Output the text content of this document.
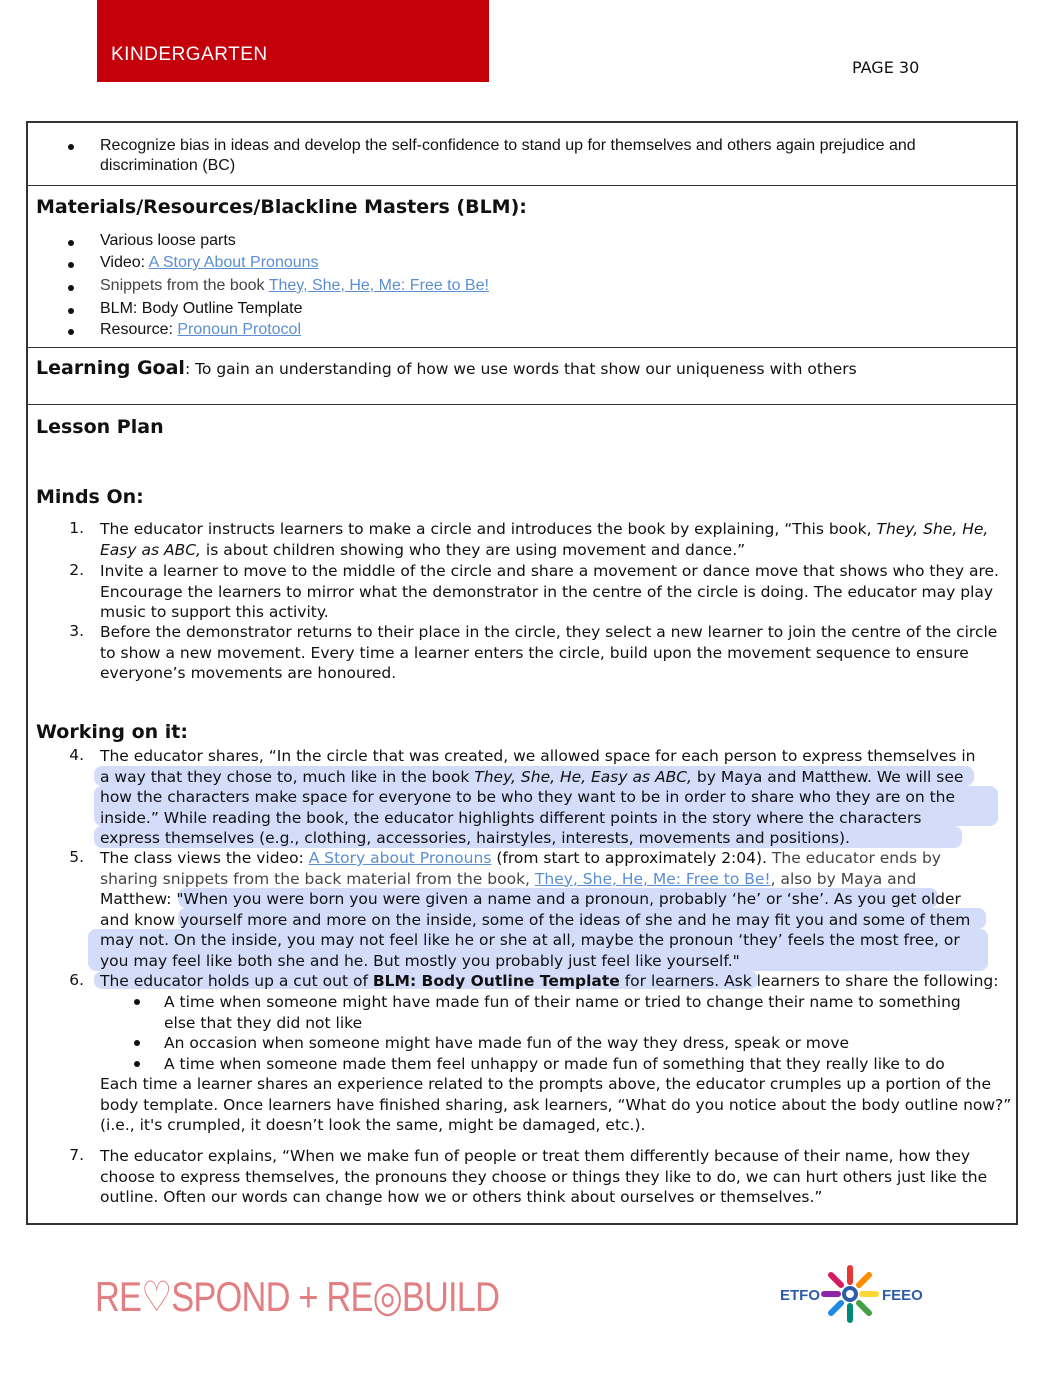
KINDERGARTEN
PAGE 30
Recognize bias in ideas and develop the self-confidence to stand up for themselves and others again prejudice and discrimination (BC)
Materials/Resources/Blackline Masters (BLM):
Various loose parts
Video: A Story About Pronouns
Snippets from the book They, She, He, Me: Free to Be!
BLM: Body Outline Template
Resource: Pronoun Protocol
Learning Goal: To gain an understanding of how we use words that show our uniqueness with others
Lesson Plan
Minds On:
1. The educator instructs learners to make a circle and introduces the book by explaining, “This book, They, She, He, Easy as ABC, is about children showing who they are using movement and dance.”
2. Invite a learner to move to the middle of the circle and share a movement or dance move that shows who they are. Encourage the learners to mirror what the demonstrator in the centre of the circle is doing. The educator may play music to support this activity.
3. Before the demonstrator returns to their place in the circle, they select a new learner to join the centre of the circle to show a new movement. Every time a learner enters the circle, build upon the movement sequence to ensure everyone’s movements are honoured.
Working on it:
4. The educator shares, “In the circle that was created, we allowed space for each person to express themselves in
a way that they chose to, much like in the book They, She, He, Easy as ABC, by Maya and Matthew. We will see
how the characters make space for everyone to be who they want to be in order to share who they are on the
inside.” While reading the book, the educator highlights different points in the story where the characters
express themselves (e.g., clothing, accessories, hairstyles, interests, movements and positions).
5. The class views the video: A Story about Pronouns (from start to approximately 2:04). The educator ends by
sharing snippets from the back material from the book, They, She, He, Me: Free to Be!, also by Maya and
Matthew: "When you were born you were given a name and a pronoun, probably ‘he’ or ‘she’. As you get older
and know yourself more and more on the inside, some of the ideas of she and he may fit you and some of them
may not. On the inside, you may not feel like he or she at all, maybe the pronoun ‘they’ feels the most free, or
you may feel like both she and he. But mostly you probably just feel like yourself."
6. The educator holds up a cut out of BLM: Body Outline Template for learners. Ask learners to share the following:
A time when someone might have made fun of their name or tried to change their name to something else that they did not like
An occasion when someone might have made fun of the way they dress, speak or move
A time when someone made them feel unhappy or made fun of something that they really like to do
Each time a learner shares an experience related to the prompts above, the educator crumples up a portion of the body template. Once learners have finished sharing, ask learners, “What do you notice about the body outline now?” (i.e., it's crumpled, it doesn’t look the same, might be damaged, etc.).
7. The educator explains, “When we make fun of people or treat them differently because of their name, how they choose to express themselves, the pronouns they choose or things they like to do, we can hurt others just like the outline. Often our words can change how we or others think about ourselves or themselves.”
RE♡SPOND + RE◎BUILD	ETFO	FEEO
